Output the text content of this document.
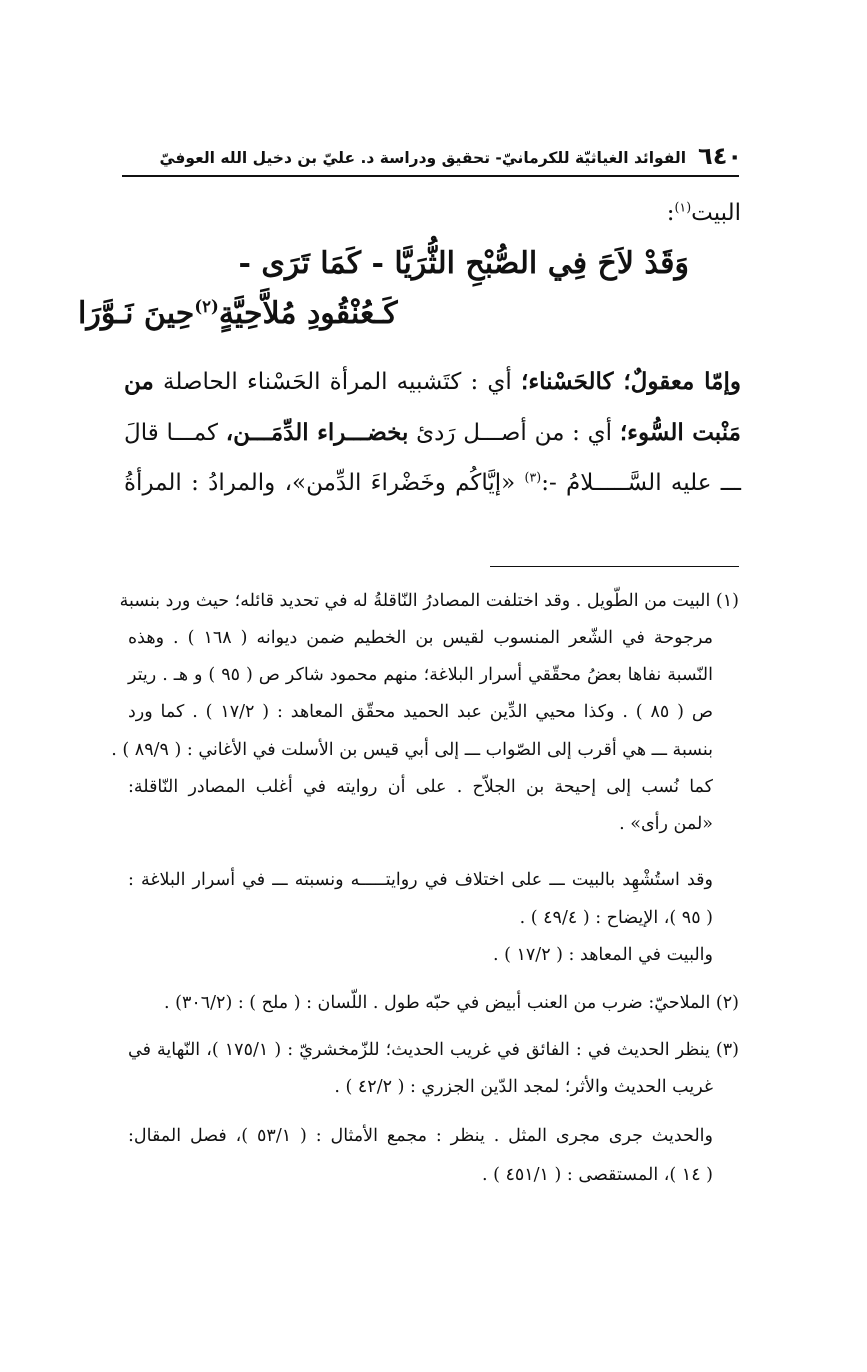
٦٤٠
الفوائد الغياثيّة للكرمانيّ- تحقيق ودراسة د. عليّ بن دخيل الله العوفيّ
البيت$^{(١)}$:
وَقَدْ لاَحَ فِي الصُّبْحِ الثُّرَيَّا - كَمَا تَرَى -
كَـعُنْقُودِ مُلاَّحِيَّةٍ$^{(٢)}$حِينَ نَـوَّرَا
وإمّا معقولٌ؛ كالحَسْناء؛ أي : كتَشبيه المرأة الحَسْناء الحاصلة من
مَنْبت السُّوء؛ أي : من أصـــل رَدئ بخضـــراء الدِّمَـــن، كمـــا قالَ
ـــ عليه السَّـــــلامُ -:$^{(٣)}$ «إيَّاكُم وخَضْراءَ الدِّمن»، والمرادُ : المرأةُ
(١) البيت من الطّويل . وقد اختلفت المصادرُ النّاقلةُ له في تحديد قائله؛ حيث ورد بنسبة
مرجوحة في الشّعر المنسوب لقيس بن الخطيم ضمن ديوانه ( ١٦٨ ) . وهذه
النّسبة نفاها بعضُ محقّقي أسرار البلاغة؛ منهم محمود شاكر ص ( ٩٥ ) و هـ . ريتر
ص ( ٨٥ ) . وكذا محيي الدِّين عبد الحميد محقّق المعاهد : ( ١٧/٢ ) . كما ورد
بنسبة ـــ هي أقرب إلى الصّواب ـــ إلى أبي قيس بن الأسلت في الأغاني : ( ٨٩/٩ ) .
كما نُسب إلى إحيحة بن الجلاّح . على أن روايته في أغلب المصادر النّاقلة:
«لمن رأى» .
وقد استُشْهِد بالبيت ـــ على اختلاف في روايتـــــه ونسبته ـــ في أسرار البلاغة :
( ٩٥ )، الإيضاح : ( ٤٩/٤ ) .
والبيت في المعاهد : ( ١٧/٢ ) .
(٢) الملاحيّ: ضرب من العنب أبيض في حبّه طول . اللّسان : ( ملح ) : (٣٠٦/٢) .
(٣) ينظر الحديث في : الفائق في غريب الحديث؛ للزّمخشريّ : ( ١٧٥/١ )، النّهاية في
غريب الحديث والأثر؛ لمجد الدّين الجزري : ( ٤٢/٢ ) .
والحديث جرى مجرى المثل . ينظر : مجمع الأمثال : ( ٥٣/١ )، فصل المقال:
( ١٤ )، المستقصى : ( ٤٥١/١ ) .
